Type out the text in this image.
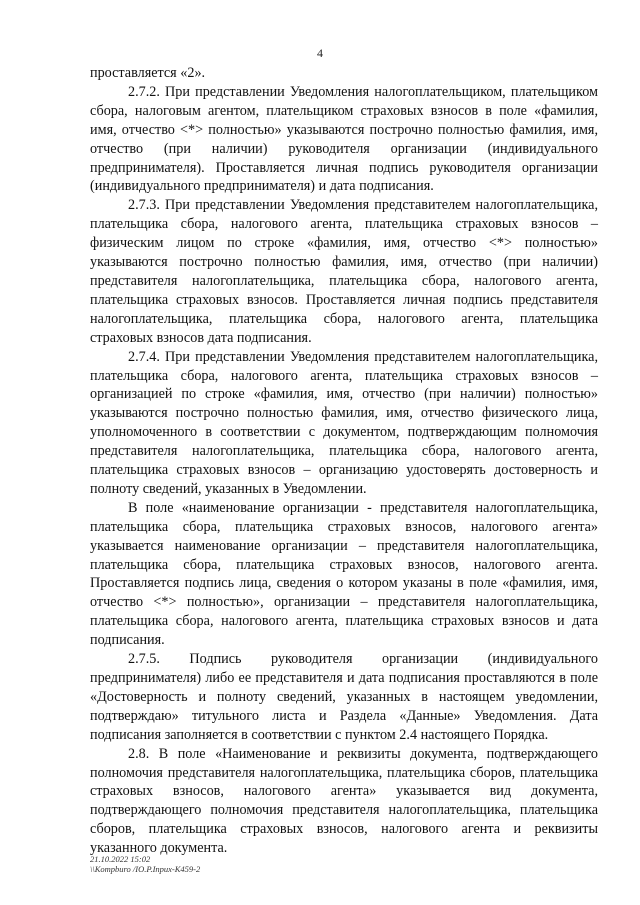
4

проставляется «2».

2.7.2. При представлении Уведомления налогоплательщиком, плательщиком сбора, налоговым агентом, плательщиком страховых взносов в поле «фамилия, имя, отчество <*> полностью» указываются построчно полностью фамилия, имя, отчество (при наличии) руководителя организации (индивидуального предпринимателя). Проставляется личная подпись руководителя организации (индивидуального предпринимателя) и дата подписания.

2.7.3. При представлении Уведомления представителем налогоплательщика, плательщика сбора, налогового агента, плательщика страховых взносов – физическим лицом по строке «фамилия, имя, отчество <*> полностью» указываются построчно полностью фамилия, имя, отчество (при наличии) представителя налогоплательщика, плательщика сбора, налогового агента, плательщика страховых взносов. Проставляется личная подпись представителя налогоплательщика, плательщика сбора, налогового агента, плательщика страховых взносов дата подписания.

2.7.4. При представлении Уведомления представителем налогоплательщика, плательщика сбора, налогового агента, плательщика страховых взносов – организацией по строке «фамилия, имя, отчество (при наличии) полностью» указываются построчно полностью фамилия, имя, отчество физического лица, уполномоченного в соответствии с документом, подтверждающим полномочия представителя налогоплательщика, плательщика сбора, налогового агента, плательщика страховых взносов – организацию удостоверять достоверность и полноту сведений, указанных в Уведомлении.

В поле «наименование организации - представителя налогоплательщика, плательщика сбора, плательщика страховых взносов, налогового агента» указывается наименование организации – представителя налогоплательщика, плательщика сбора, плательщика страховых взносов, налогового агента. Проставляется подпись лица, сведения о котором указаны в поле «фамилия, имя, отчество <*> полностью», организации – представителя налогоплательщика, плательщика сбора, налогового агента, плательщика страховых взносов и дата подписания.

2.7.5. Подпись руководителя организации (индивидуального предпринимателя) либо ее представителя и дата подписания проставляются в поле «Достоверность и полноту сведений, указанных в настоящем уведомлении, подтверждаю» титульного листа и Раздела «Данные» Уведомления. Дата подписания заполняется в соответствии с пунктом 2.4 настоящего Порядка.

2.8. В поле «Наименование и реквизиты документа, подтверждающего полномочия представителя налогоплательщика, плательщика сборов, плательщика страховых взносов, налогового агента» указывается вид документа, подтверждающего полномочия представителя налогоплательщика, плательщика сборов, плательщика страховых взносов, налогового агента и реквизиты указанного документа.

21.10.2022 15:02
\\Kompburo /IO.P.Inpux-K459-2
